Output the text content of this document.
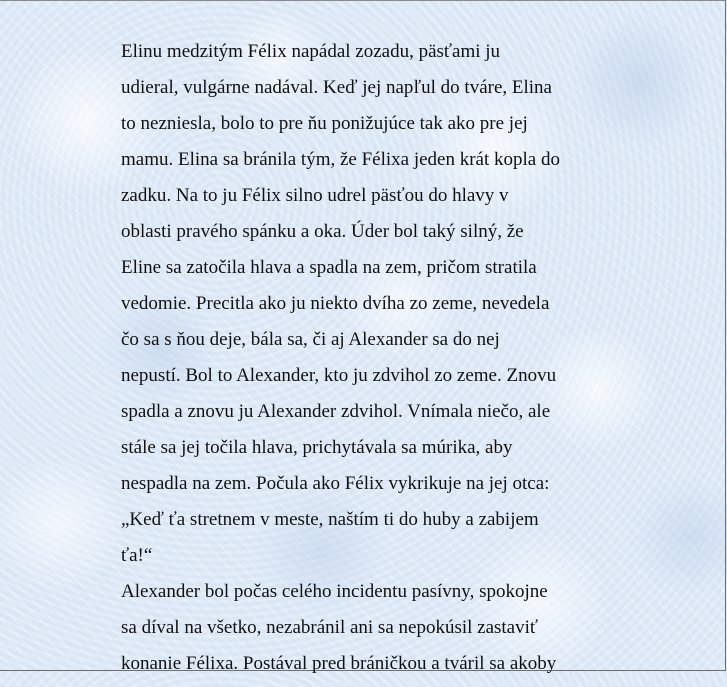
Elinu medzitým Félix napádal zozadu, päsťami ju
udieral, vulgárne nadával. Keď jej napľul do tváre, Elina
to nezniesla, bolo to pre ňu ponižujúce tak ako pre jej
mamu. Elina sa bránila tým, že Félixa jeden krát kopla do
zadku. Na to ju Félix silno udrel päsťou do hlavy v
oblasti pravého spánku a oka. Úder bol taký silný, že
Eline sa zatočila hlava a spadla na zem, pričom stratila
vedomie. Precitla ako ju niekto dvíha zo zeme, nevedela
čo sa s ňou deje, bála sa, či aj Alexander sa do nej
nepustí. Bol to Alexander, kto ju zdvihol zo zeme. Znovu
spadla a znovu ju Alexander zdvihol. Vnímala niečo, ale
stále sa jej točila hlava, prichytávala sa múrika, aby
nespadla na zem. Počula ako Félix vykrikuje na jej otca:
„Keď ťa stretnem v meste, naštím ti do huby a zabijem
ťa!“
Alexander bol počas celého incidentu pasívny, spokojne
sa díval na všetko, nezabránil ani sa nepokúsil zastaviť
konanie Félixa. Postával pred bráničkou a tváril sa akoby
